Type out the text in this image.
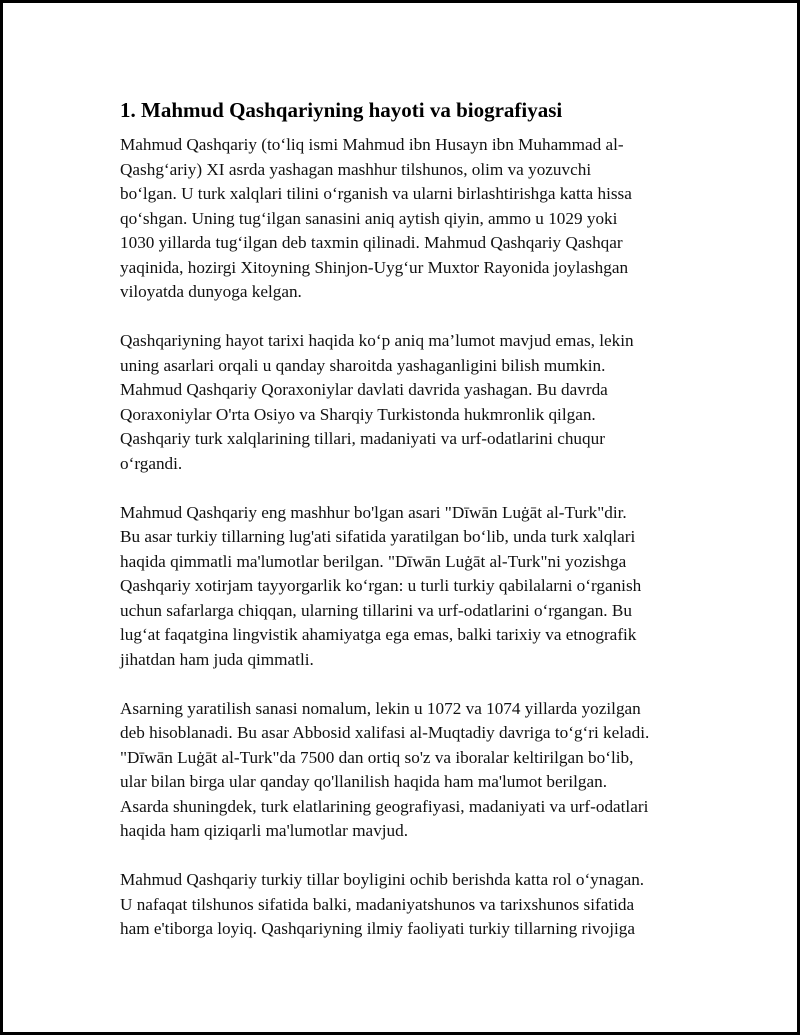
1. Mahmud Qashqariyning hayoti va biografiyasi

Mahmud Qashqariy (to‘liq ismi Mahmud ibn Husayn ibn Muhammad al-
Qashg‘ariy) XI asrda yashagan mashhur tilshunos, olim va yozuvchi
bo‘lgan. U turk xalqlari tilini o‘rganish va ularni birlashtirishga katta hissa
qo‘shgan. Uning tug‘ilgan sanasini aniq aytish qiyin, ammo u 1029 yoki
1030 yillarda tug‘ilgan deb taxmin qilinadi. Mahmud Qashqariy Qashqar
yaqinida, hozirgi Xitoyning Shinjon-Uyg‘ur Muxtor Rayonida joylashgan
viloyatda dunyoga kelgan.

Qashqariyning hayot tarixi haqida ko‘p aniq ma’lumot mavjud emas, lekin
uning asarlari orqali u qanday sharoitda yashaganligini bilish mumkin.
Mahmud Qashqariy Qoraxoniylar davlati davrida yashagan. Bu davrda
Qoraxoniylar O'rta Osiyo va Sharqiy Turkistonda hukmronlik qilgan.
Qashqariy turk xalqlarining tillari, madaniyati va urf-odatlarini chuqur
o‘rgandi.

Mahmud Qashqariy eng mashhur bo'lgan asari "Dīwān Luġāt al-Turk"dir.
Bu asar turkiy tillarning lug'ati sifatida yaratilgan bo‘lib, unda turk xalqlari
haqida qimmatli ma'lumotlar berilgan. "Dīwān Luġāt al-Turk"ni yozishga
Qashqariy xotirjam tayyorgarlik ko‘rgan: u turli turkiy qabilalarni o‘rganish
uchun safarlarga chiqqan, ularning tillarini va urf-odatlarini o‘rgangan. Bu
lug‘at faqatgina lingvistik ahamiyatga ega emas, balki tarixiy va etnografik
jihatdan ham juda qimmatli.

Asarning yaratilish sanasi nomalum, lekin u 1072 va 1074 yillarda yozilgan
deb hisoblanadi. Bu asar Abbosid xalifasi al-Muqtadiy davriga to‘g‘ri keladi.
"Dīwān Luġāt al-Turk"da 7500 dan ortiq so'z va iboralar keltirilgan bo‘lib,
ular bilan birga ular qanday qo'llanilish haqida ham ma'lumot berilgan.
Asarda shuningdek, turk elatlarining geografiyasi, madaniyati va urf-odatlari
haqida ham qiziqarli ma'lumotlar mavjud.

Mahmud Qashqariy turkiy tillar boyligini ochib berishda katta rol o‘ynagan.
U nafaqat tilshunos sifatida balki, madaniyatshunos va tarixshunos sifatida
ham e'tiborga loyiq. Qashqariyning ilmiy faoliyati turkiy tillarning rivojiga
